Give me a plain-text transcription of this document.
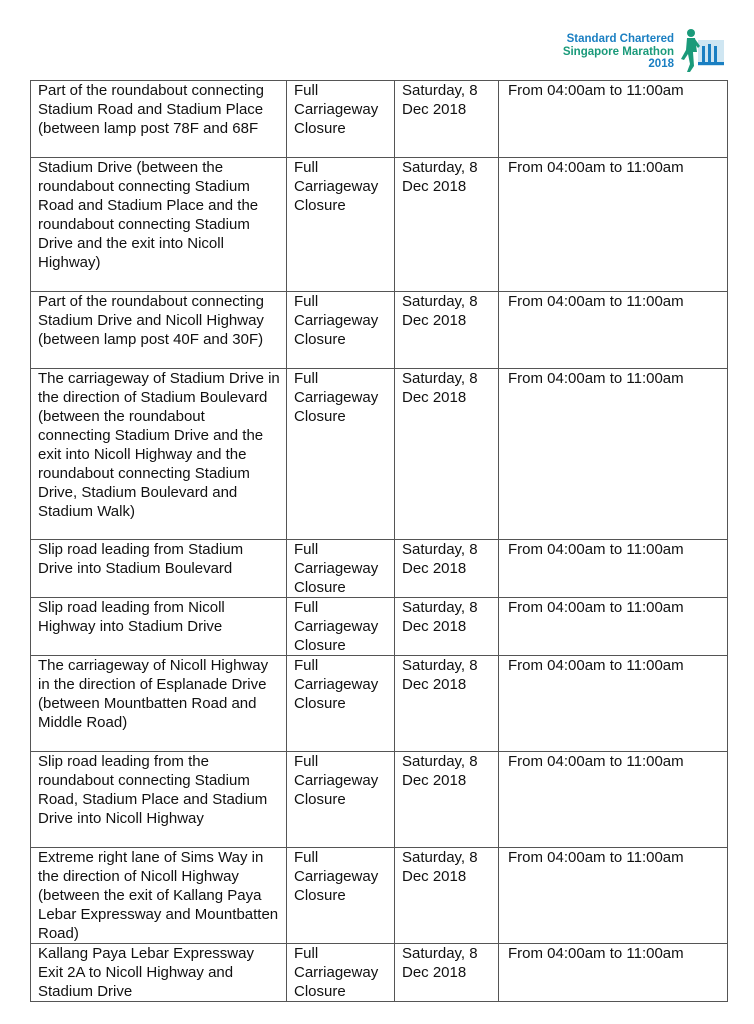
Standard Chartered
Singapore Marathon
2018
Part of the roundabout connecting Stadium Road and Stadium Place (between lamp post 78F and 68F	Full Carriageway Closure	Saturday, 8 Dec 2018	From 04:00am to 11:00am
Stadium Drive (between the roundabout connecting Stadium Road and Stadium Place and the roundabout connecting Stadium Drive and the exit into Nicoll Highway)	Full Carriageway Closure	Saturday, 8 Dec 2018	From 04:00am to 11:00am
Part of the roundabout connecting Stadium Drive and Nicoll Highway (between lamp post 40F and 30F)	Full Carriageway Closure	Saturday, 8 Dec 2018	From 04:00am to 11:00am
The carriageway of Stadium Drive in the direction of Stadium Boulevard (between the roundabout connecting Stadium Drive and the exit into Nicoll Highway and the roundabout connecting Stadium Drive, Stadium Boulevard and Stadium Walk)	Full Carriageway Closure	Saturday, 8 Dec 2018	From 04:00am to 11:00am
Slip road leading from Stadium Drive into Stadium Boulevard	Full Carriageway Closure	Saturday, 8 Dec 2018	From 04:00am to 11:00am
Slip road leading from Nicoll Highway into Stadium Drive	Full Carriageway Closure	Saturday, 8 Dec 2018	From 04:00am to 11:00am
The carriageway of Nicoll Highway in the direction of Esplanade Drive (between Mountbatten Road and Middle Road)	Full Carriageway Closure	Saturday, 8 Dec 2018	From 04:00am to 11:00am
Slip road leading from the roundabout connecting Stadium Road, Stadium Place and Stadium Drive into Nicoll Highway	Full Carriageway Closure	Saturday, 8 Dec 2018	From 04:00am to 11:00am
Extreme right lane of Sims Way in the direction of Nicoll Highway (between the exit of Kallang Paya Lebar Expressway and Mountbatten Road)	Full Carriageway Closure	Saturday, 8 Dec 2018	From 04:00am to 11:00am
Kallang Paya Lebar Expressway Exit 2A to Nicoll Highway and Stadium Drive	Full Carriageway Closure	Saturday, 8 Dec 2018	From 04:00am to 11:00am
